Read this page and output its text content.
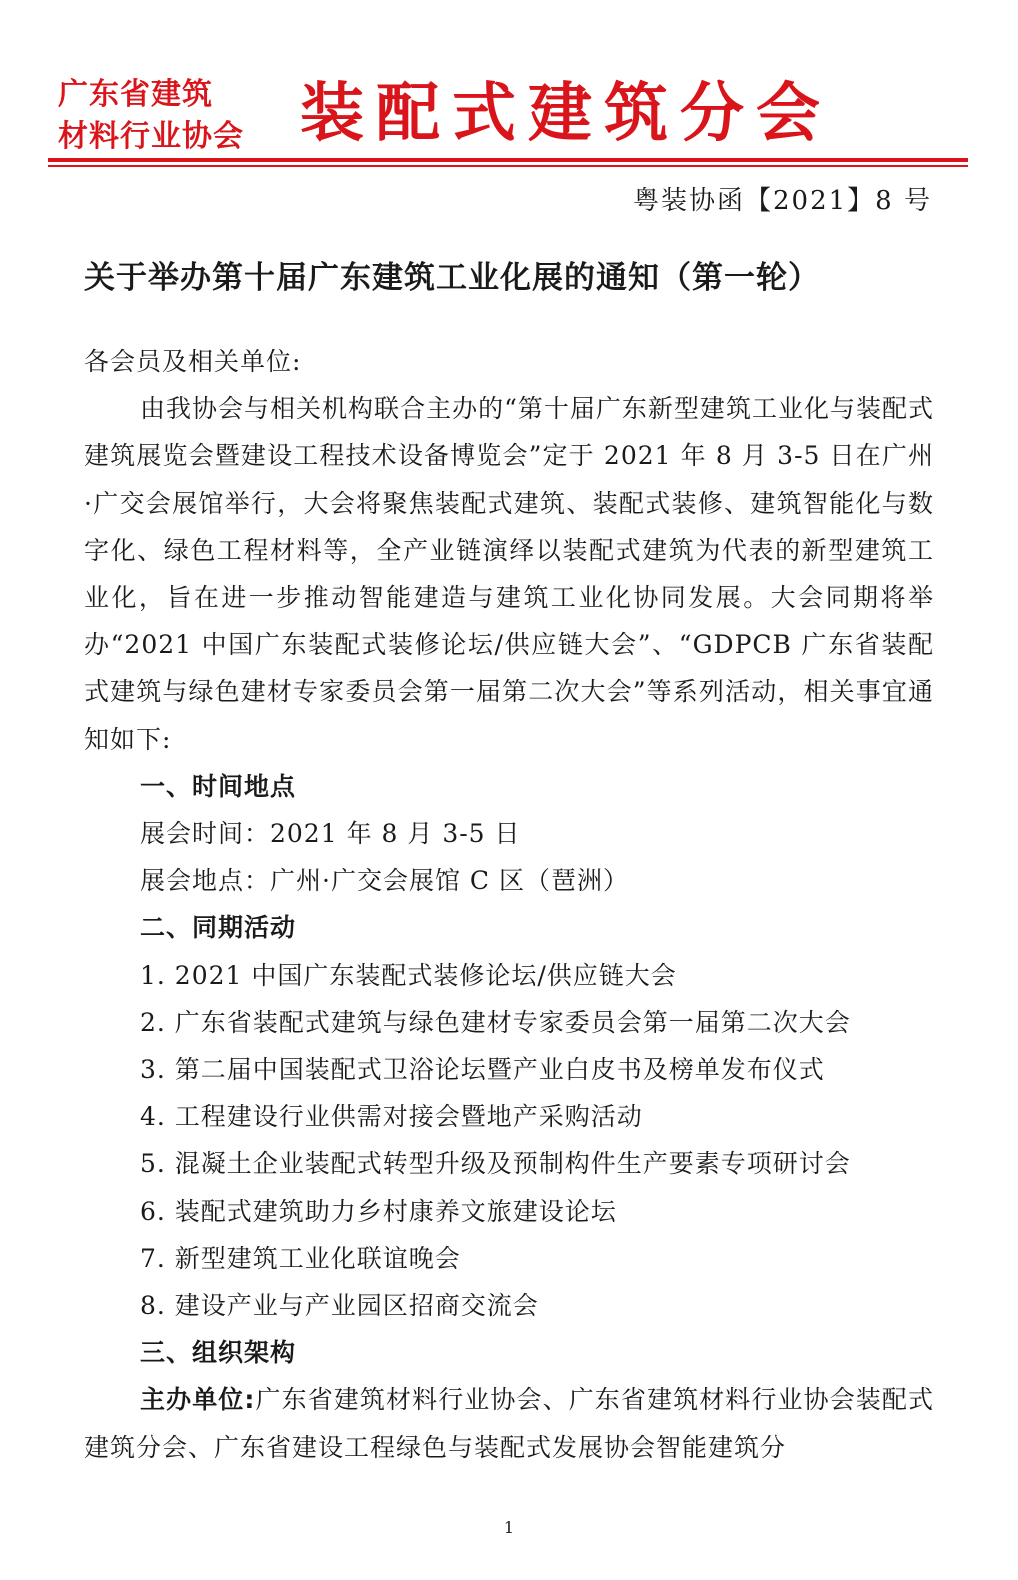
广东省建筑
材料行业协会 装配式建筑分会
粤装协函【2021】8 号
关于举办第十届广东建筑工业化展的通知（第一轮）

各会员及相关单位:

由我协会与相关机构联合主办的“第十届广东新型建筑工业化与装配式建筑展览会暨建设工程技术设备博览会”定于 2021 年 8 月 3-5 日在广州·广交会展馆举行，大会将聚焦装配式建筑、装配式装修、建筑智能化与数字化、绿色工程材料等，全产业链演绎以装配式建筑为代表的新型建筑工业化，旨在进一步推动智能建造与建筑工业化协同发展。大会同期将举办“2021 中国广东装配式装修论坛/供应链大会”、“GDPCB 广东省装配式建筑与绿色建材专家委员会第一届第二次大会”等系列活动，相关事宜通知如下:

一、时间地点

展会时间：2021 年 8 月 3-5 日

展会地点：广州·广交会展馆 C 区（琶洲）

二、同期活动

1. 2021 中国广东装配式装修论坛/供应链大会

2. 广东省装配式建筑与绿色建材专家委员会第一届第二次大会

3. 第二届中国装配式卫浴论坛暨产业白皮书及榜单发布仪式

4. 工程建设行业供需对接会暨地产采购活动

5. 混凝土企业装配式转型升级及预制构件生产要素专项研讨会

6. 装配式建筑助力乡村康养文旅建设论坛

7. 新型建筑工业化联谊晚会

8. 建设产业与产业园区招商交流会

三、组织架构

主办单位:广东省建筑材料行业协会、广东省建筑材料行业协会装配式建筑分会、广东省建设工程绿色与装配式发展协会智能建筑分

1
